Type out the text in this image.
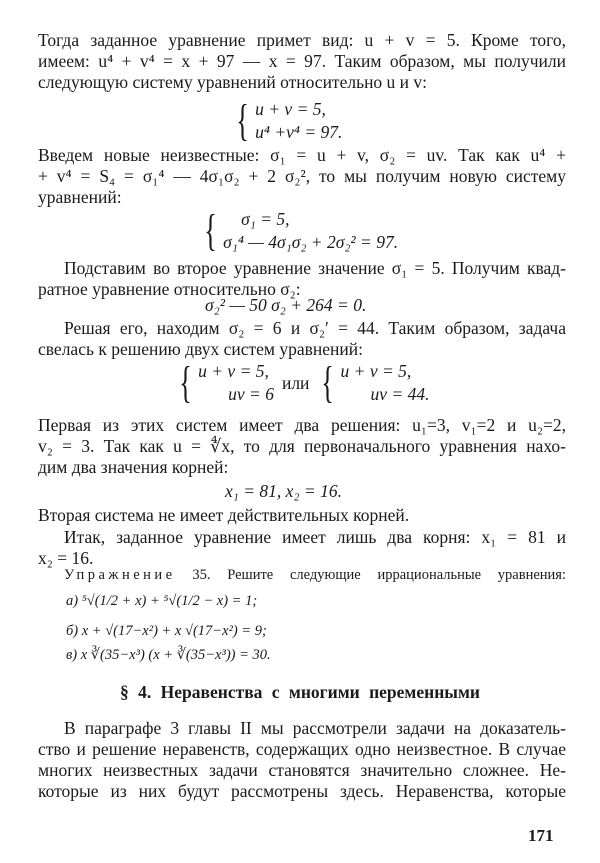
Тогда заданное уравнение примет вид: u + v = 5. Кроме того,
имеем: u⁴ + v⁴ = x + 97 — x = 97. Таким образом, мы получили
следующую систему уравнений относительно u и v:
{ u + v = 5,
u⁴ +v⁴ = 97.
Введем новые неизвестные: σ₁ = u + v, σ₂ = uv. Так как u⁴ +
+ v⁴ = S₄ = σ₁⁴ — 4σ₁σ₂ + 2 σ₂², то мы получим новую систему
уравнений:
{	σ₁ = 5,
σ₁⁴ — 4σ₁σ₂ + 2σ₂² = 97.
Подставим во второе уравнение значение σ₁ = 5. Получим квад-
ратное уравнение относительно σ₂:
σ₂² — 50 σ₂ + 264 = 0.
Решая его, находим σ₂ = 6 и σ₂′ = 44. Таким образом, задача
свелась к решению двух систем уравнений:
{ u + v = 5,
uv = 6
или { u + v = 5,
uv = 44.
Первая из этих систем имеет два решения: u₁=3, v₁=2 и u₂=2,
v₂ = 3. Так как u = ∜x, то для первоначального уравнения нахо-
дим два значения корней:
x₁ = 81, x₂ = 16.
Вторая система не имеет действительных корней.
Итак, заданное уравнение имеет лишь два корня: x₁ = 81 и
x₂ = 16.
Упражнение 35. Решите следующие иррациональные уравнения:
а) ⁵√(1/2 + x) + ⁵√(1/2 − x) = 1;
б) x + √(17−x²) + x √(17−x²) = 9;
в) x ∛(35−x³) (x + ∛(35−x³)) = 30.
§ 4. Неравенства с многими переменными
В параграфе 3 главы II мы рассмотрели задачи на доказатель-
ство и решение неравенств, содержащих одно неизвестное. В случае
многих неизвестных задачи становятся значительно сложнее. Не-
которые из них будут рассмотрены здесь. Неравенства, которые
171
